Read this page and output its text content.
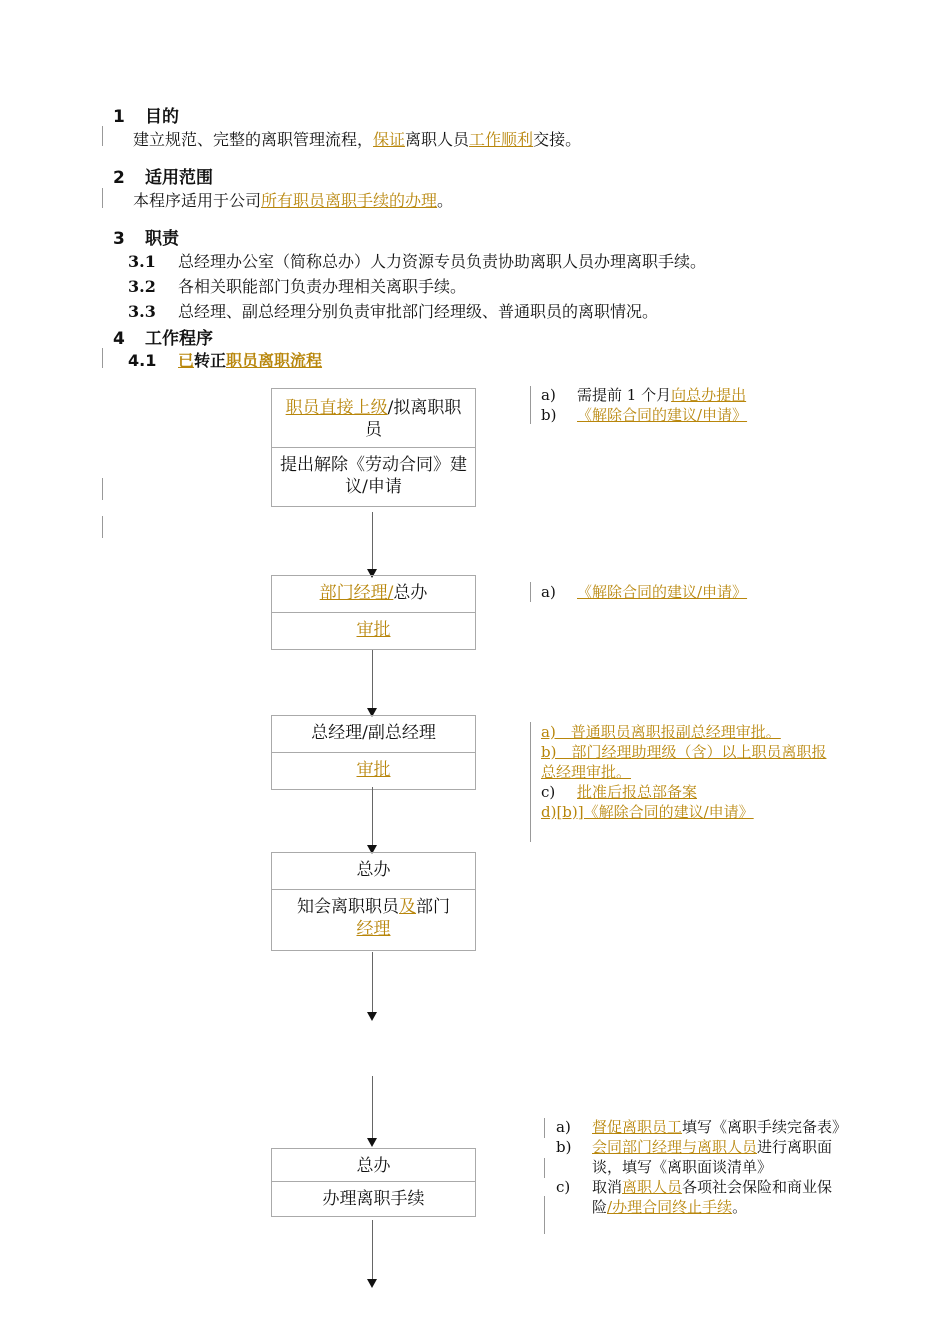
1 目的
建立规范、完整的离职管理流程，保证离职人员工作顺利交接。
2 适用范围
本程序适用于公司所有职员离职手续的办理。
3 职责
3.1 总经理办公室（简称总办）人力资源专员负责协助离职人员办理离职手续。
3.2 各相关职能部门负责办理相关离职手续。
3.3 总经理、副总经理分别负责审批部门经理级、普通职员的离职情况。
4 工作程序
4.1 已转正职员离职流程
职员直接上级/拟离职职员
提出解除《劳动合同》建议/申请
部门经理/总办
审批
总经理/副总经理
审批
总办
知会离职职员及部门
经理
总办
办理离职手续
a)	需提前 1 个月向总办提出
b)	《解除合同的建议/申请》
a)	《解除合同的建议/申请》
a)　普通职员离职报副总经理审批。
b)　部门经理助理级（含）以上职员离职报总经理审批。
c)	批准后报总部备案
d)[b)]《解除合同的建议/申请》
a)	督促离职员工填写《离职手续完备表》
b)	会同部门经理与离职人员进行离职面谈，填写《离职面谈清单》
c)	取消离职人员各项社会保险和商业保险/办理合同终止手续。
